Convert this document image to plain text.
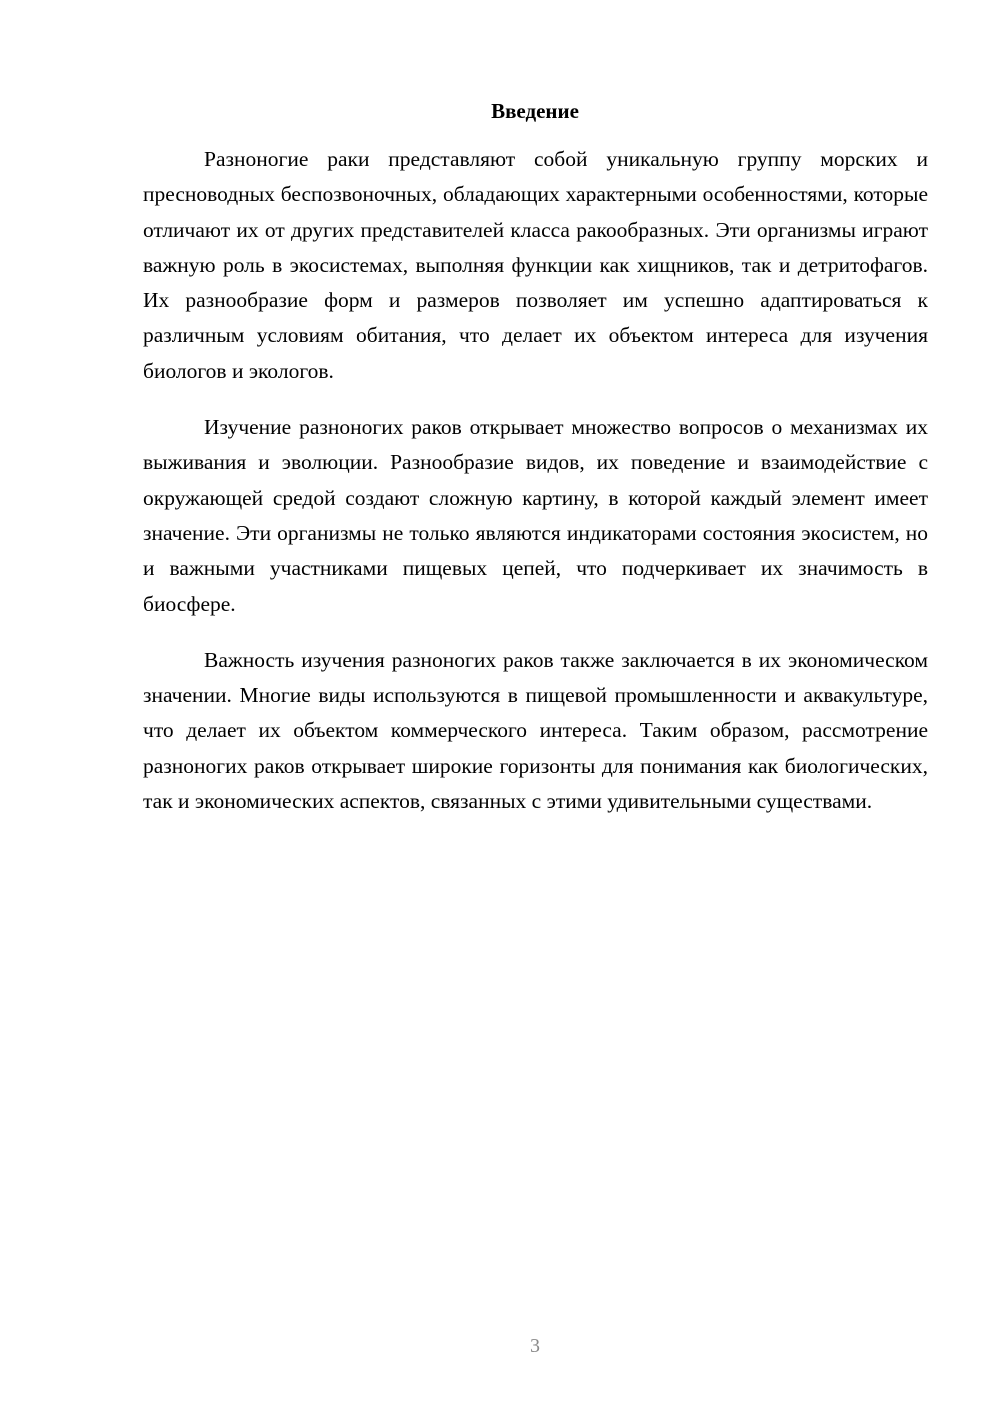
Введение

Разноногие раки представляют собой уникальную группу морских и пресноводных беспозвоночных, обладающих характерными особенностями, которые отличают их от других представителей класса ракообразных. Эти организмы играют важную роль в экосистемах, выполняя функции как хищников, так и детритофагов. Их разнообразие форм и размеров позволяет им успешно адаптироваться к различным условиям обитания, что делает их объектом интереса для изучения биологов и экологов.

Изучение разноногих раков открывает множество вопросов о механизмах их выживания и эволюции. Разнообразие видов, их поведение и взаимодействие с окружающей средой создают сложную картину, в которой каждый элемент имеет значение. Эти организмы не только являются индикаторами состояния экосистем, но и важными участниками пищевых цепей, что подчеркивает их значимость в биосфере.

Важность изучения разноногих раков также заключается в их экономическом значении. Многие виды используются в пищевой промышленности и аквакультуре, что делает их объектом коммерческого интереса. Таким образом, рассмотрение разноногих раков открывает широкие горизонты для понимания как биологических, так и экономических аспектов, связанных с этими удивительными существами.

3
